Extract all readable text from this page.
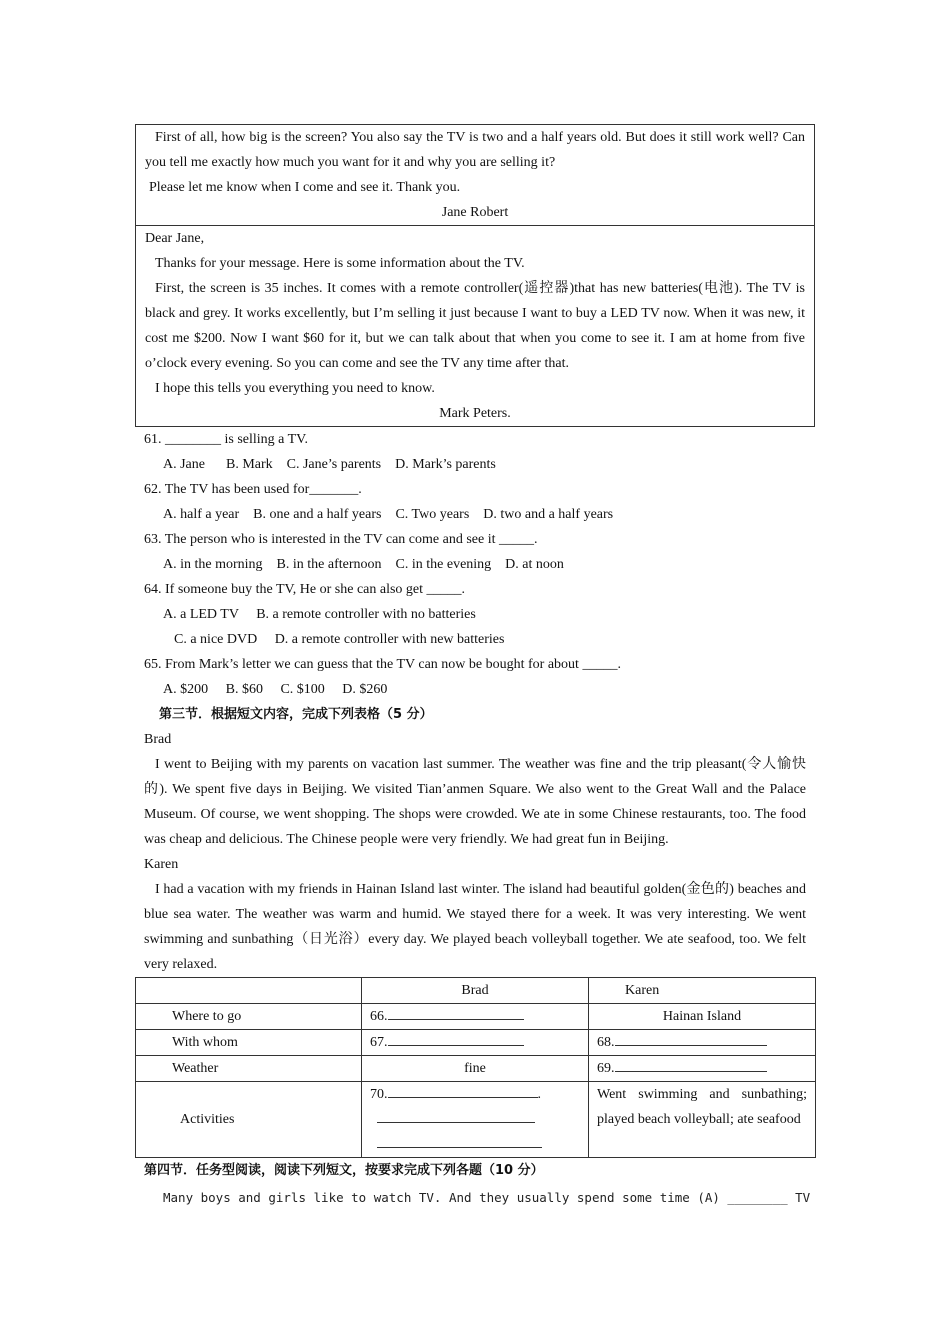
First of all, how big is the screen? You also say the TV is two and a half years old. But does it still work well? Can you tell me exactly how much you want for it and why you are selling it?

Please let me know when I come and see it. Thank you.

Jane Robert

Dear Jane,

Thanks for your message. Here is some information about the TV.

First, the screen is 35 inches. It comes with a remote controller(遥控器)that has new batteries(电池). The TV is black and grey. It works excellently, but I’m selling it just because I want to buy a LED TV now. When it was new, it cost me $200. Now I want $60 for it, but we can talk about that when you come to see it. I am at home from five o’clock every evening. So you can come and see the TV any time after that.

I hope this tells you everything you need to know.

Mark Peters.

61. ________ is selling a TV.
A. Jane      B. Mark    C. Jane’s parents    D. Mark’s parents
62. The TV has been used for_______.
A. half a year    B. one and a half years    C. Two years    D. two and a half years
63. The person who is interested in the TV can come and see it _____.
A. in the morning    B. in the afternoon    C. in the evening    D. at noon
64. If someone buy the TV, He or she can also get _____.
A. a LED TV     B. a remote controller with no batteries
C. a nice DVD     D. a remote controller with new batteries
65. From Mark’s letter we can guess that the TV can now be bought for about _____.
A. $200     B. $60     C. $100     D. $260
第三节．根据短文内容，完成下列表格（5 分）
Brad
I went to Beijing with my parents on vacation last summer. The weather was fine and the trip pleasant(令人愉快的). We spent five days in Beijing. We visited Tian’anmen Square. We also went to the Great Wall and the Palace Museum. Of course, we went shopping. The shops were crowded. We ate in some Chinese restaurants, too. The food was cheap and delicious. The Chinese people were very friendly. We had great fun in Beijing.
Karen
I had a vacation with my friends in Hainan Island last winter. The island had beautiful golden(金色的) beaches and blue sea water. The weather was warm and humid. We stayed there for a week. It was very interesting. We went swimming and sunbathing（日光浴）every day. We played beach volleyball together. We ate seafood, too. We felt very relaxed.
	Brad	Karen
Where to go	66.	Hainan Island
With whom	67.	68.
Weather	fine	69.
Activities	70. .	Went swimming and sunbathing; played beach volleyball; ate seafood
第四节．任务型阅读，阅读下列短文，按要求完成下列各题（10 分）
Many boys and girls like to watch TV. And they usually spend some time (A) ________ TV
